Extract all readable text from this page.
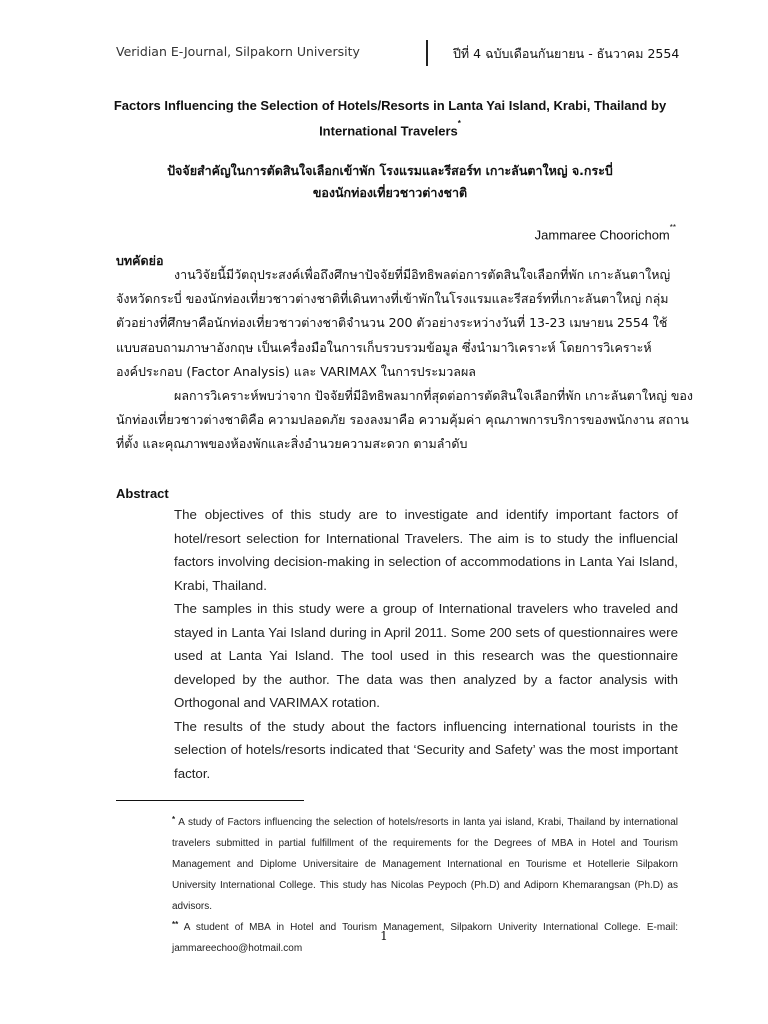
Veridian E-Journal, Silpakorn University	ปีที่ 4 ฉบับเดือนกันยายน - ธันวาคม 2554
Factors Influencing the Selection of Hotels/Resorts in Lanta Yai Island, Krabi, Thailand by
International Travelers*
ปัจจัยสำคัญในการตัดสินใจเลือกเข้าพัก โรงแรมและรีสอร์ท เกาะลันตาใหญ่ จ.กระบี่
ของนักท่องเที่ยวชาวต่างชาติ
Jammaree Choorichom**
บทคัดย่อ

งานวิจัยนี้มีวัตถุประสงค์เพื่อถึงศึกษาปัจจัยที่มีอิทธิพลต่อการตัดสินใจเลือกที่พัก เกาะลันตาใหญ่

จังหวัดกระบี่ ของนักท่องเที่ยวชาวต่างชาติที่เดินทางที่เข้าพักในโรงแรมและรีสอร์ทที่เกาะลันตาใหญ่ กลุ่ม

ตัวอย่างที่ศึกษาคือนักท่องเที่ยวชาวต่างชาติจำนวน 200 ตัวอย่างระหว่างวันที่ 13-23 เมษายน 2554 ใช้

แบบสอบถามภาษาอังกฤษ เป็นเครื่องมือในการเก็บรวบรวมข้อมูล ซึ่งนำมาวิเคราะห์ โดยการวิเคราะห์

องค์ประกอบ (Factor Analysis) และ VARIMAX ในการประมวลผล

ผลการวิเคราะห์พบว่าจาก ปัจจัยที่มีอิทธิพลมากที่สุดต่อการตัดสินใจเลือกที่พัก เกาะลันตาใหญ่ ของ

นักท่องเที่ยวชาวต่างชาติคือ ความปลอดภัย รองลงมาคือ ความคุ้มค่า คุณภาพการบริการของพนักงาน สถาน

ที่ตั้ง และคุณภาพของห้องพักและสิ่งอำนวยความสะดวก ตามลำดับ

Abstract

The objectives of this study are to investigate and identify important factors of hotel/resort selection for International Travelers. The aim is to study the influencial factors involving decision-making in selection of accommodations in Lanta Yai Island, Krabi, Thailand.

The samples in this study were a group of International travelers who traveled and stayed in Lanta Yai Island during in April 2011. Some 200 sets of questionnaires were used at Lanta Yai Island. The tool used in this research was the questionnaire developed by the author. The data was then analyzed by a factor analysis with Orthogonal and VARIMAX rotation.

The results of the study about the factors influencing international tourists in the selection of hotels/resorts indicated that ‘Security and Safety’ was the most important factor.

* A study of Factors influencing the selection of hotels/resorts in lanta yai island, Krabi, Thailand by international travelers submitted in partial fulfillment of the requirements for the Degrees of MBA in Hotel and Tourism Management and Diplome Universitaire de Management International en Tourisme et Hotellerie Silpakorn University International College. This study has Nicolas Peypoch (Ph.D) and Adiporn Khemarangsan (Ph.D) as advisors.

** A student of MBA in Hotel and Tourism Management, Silpakorn Univerity International College. E-mail: jammareechoo@hotmail.com

1
